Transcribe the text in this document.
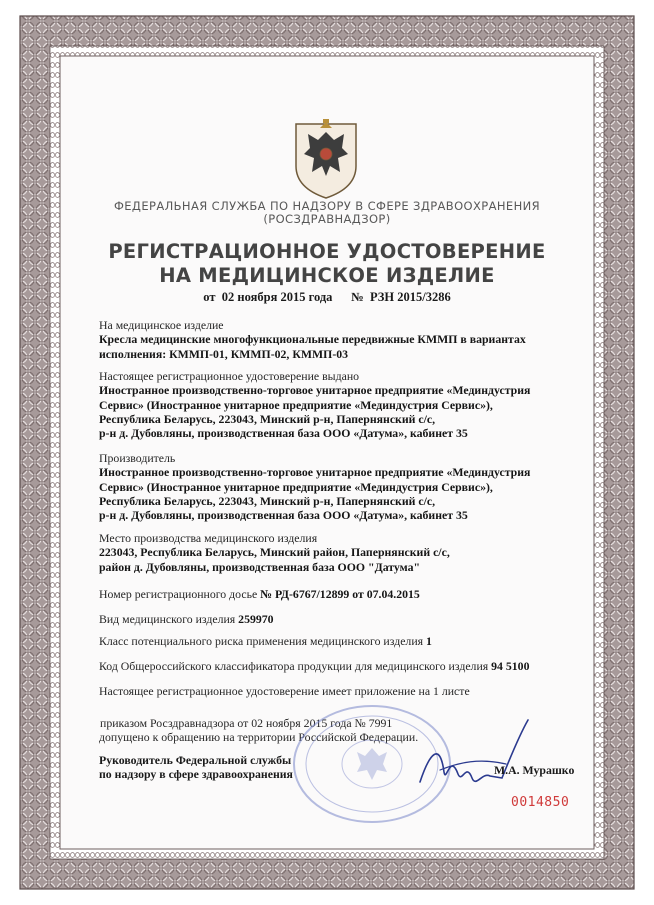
ФЕДЕРАЛЬНАЯ СЛУЖБА ПО НАДЗОРУ В СФЕРЕ ЗДРАВООХРАНЕНИЯ
(РОСЗДРАВНАДЗОР)
РЕГИСТРАЦИОННОЕ УДОСТОВЕРЕНИЕ
НА МЕДИЦИНСКОЕ ИЗДЕЛИЕ
от 02 ноября 2015 года № РЗН 2015/3286
На медицинское изделие
Кресла медицинские многофункциональные передвижные КММП в вариантах
исполнения: КММП-01, КММП-02, КММП-03
Настоящее регистрационное удостоверение выдано
Иностранное производственно-торговое унитарное предприятие «Мединдустрия
Сервис» (Иностранное унитарное предприятие «Мединдустрия Сервис»),
Республика Беларусь, 223043, Минский р-н, Папернянский с/с,
р-н д. Дубовляны, производственная база ООО «Датума», кабинет 35
Производитель
Иностранное производственно-торговое унитарное предприятие «Мединдустрия
Сервис» (Иностранное унитарное предприятие «Мединдустрия Сервис»),
Республика Беларусь, 223043, Минский р-н, Папернянский с/с,
р-н д. Дубовляны, производственная база ООО «Датума», кабинет 35
Место производства медицинского изделия
223043, Республика Беларусь, Минский район, Папернянский с/с,
район д. Дубовляны, производственная база ООО "Датума"
Номер регистрационного досье № РД-6767/12899 от 07.04.2015
Вид медицинского изделия 259970
Класс потенциального риска применения медицинского изделия 1
Код Общероссийского классификатора продукции для медицинского изделия 94 5100
Настоящее регистрационное удостоверение имеет приложение на 1 листе
приказом Росздравнадзора от 02 ноября 2015 года № 7991
допущено к обращению на территории Российской Федерации.
Руководитель Федеральной службы
по надзору в сфере здравоохранения	М.А. Мурашко
0014850
